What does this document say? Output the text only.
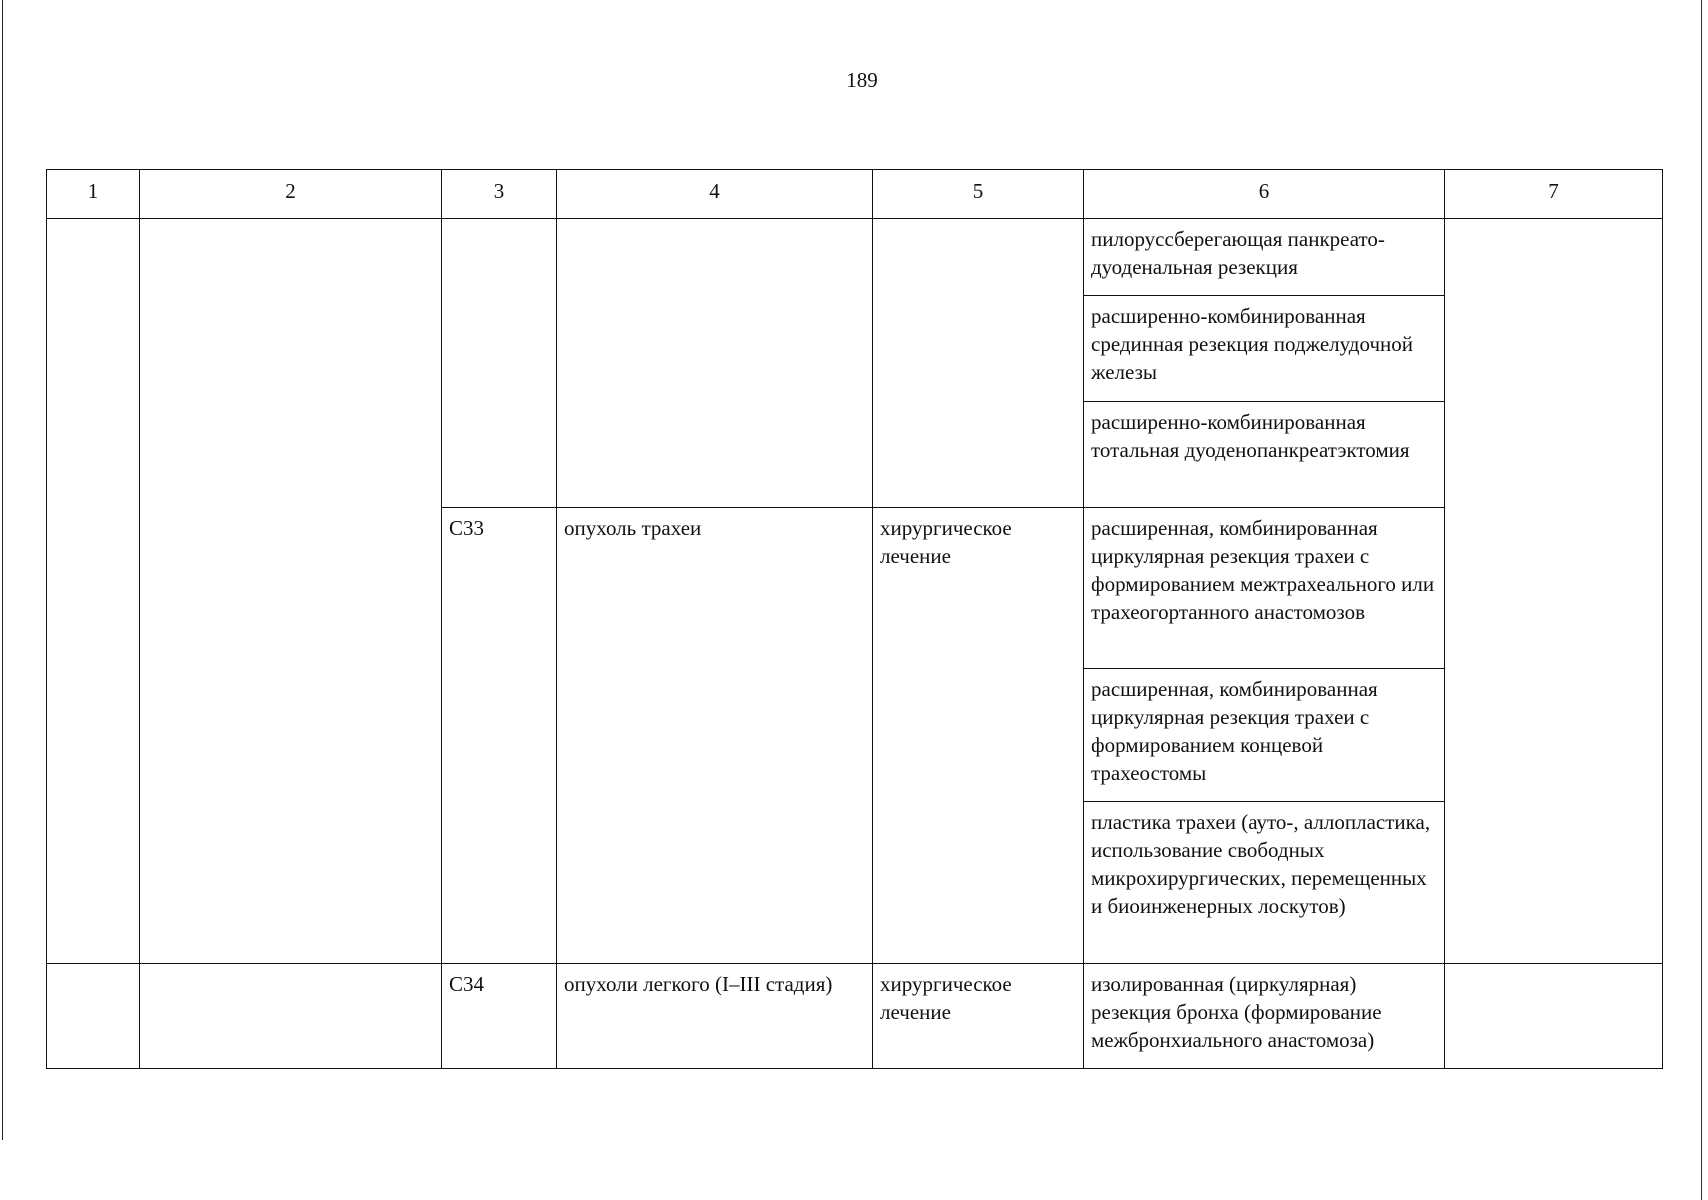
189
1	2	3	4	5	6	7
					пилоруссберегающая панкреато-дуоденальная резекция	
					расширенно-комбинированная срединная резекция поджелудочной железы	
					расширенно-комбинированная тотальная дуоденопанкреатэктомия	
		C33	опухоль трахеи	хирургическое лечение	расширенная, комбинированная циркулярная резекция трахеи с формированием межтрахеального или трахеогортанного анастомозов	
					расширенная, комбинированная циркулярная резекция трахеи с формированием концевой трахеостомы	
					пластика трахеи (ауто-, аллопластика, использование свободных микрохирургических, перемещенных и биоинженерных лоскутов)	
		C34	опухоли легкого (I–III стадия)	хирургическое лечение	изолированная (циркулярная) резекция бронха (формирование межбронхиального анастомоза)	
